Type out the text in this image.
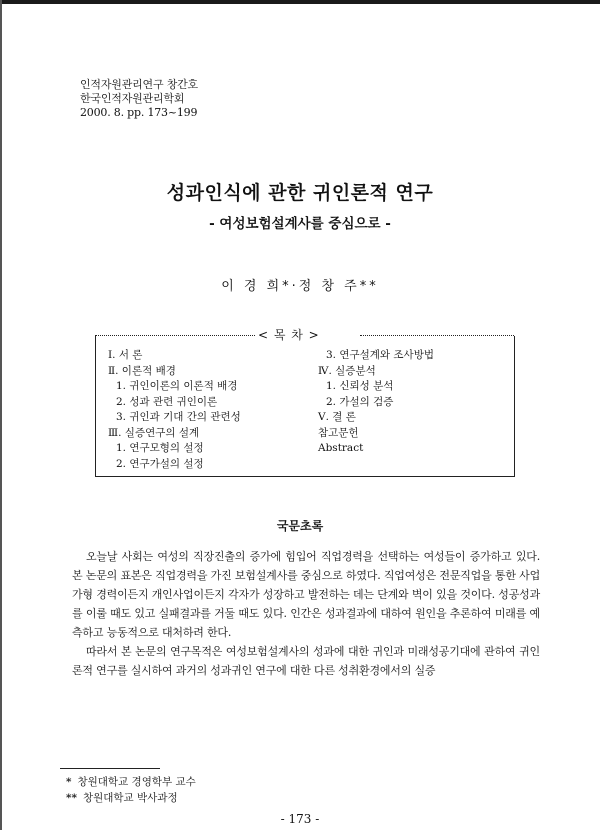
인적자원관리연구 창간호
한국인적자원관리학회
2000. 8. pp. 173~199
성과인식에 관한 귀인론적 연구
- 여성보험설계사를 중심으로 -
이 경 희*·정 창 주**
< 목 차 >
Ⅰ. 서 론
Ⅱ. 이론적 배경
1. 귀인이론의 이론적 배경
2. 성과 관련 귀인이론
3. 귀인과 기대 간의 관련성
Ⅲ. 실증연구의 설계
1. 연구모형의 설정
2. 연구가설의 설정
3. 연구설계와 조사방법
Ⅳ. 실증분석
1. 신뢰성 분석
2. 가설의 검증
Ⅴ. 결 론
참고문헌
Abstract
국문초록

오늘날 사회는 여성의 직장진출의 증가에 힘입어 직업경력을 선택하는 여성들이 증가하고 있다. 본 논문의 표본은 직업경력을 가진 보험설계사를 중심으로 하였다. 직업여성은 전문직업을 통한 사업가형 경력이든지 개인사업이든지 각자가 성장하고 발전하는 데는 단계와 벽이 있을 것이다. 성공성과를 이룰 때도 있고 실패결과를 거둘 때도 있다. 인간은 성과결과에 대하여 원인을 추론하여 미래를 예측하고 능동적으로 대처하려 한다.

따라서 본 논문의 연구목적은 여성보험설계사의 성과에 대한 귀인과 미래성공기대에 관하여 귀인론적 연구를 실시하여 과거의 성과귀인 연구에 대한 다른 성취환경에서의 실증

* 창원대학교 경영학부 교수
** 창원대학교 박사과정
- 173 -
